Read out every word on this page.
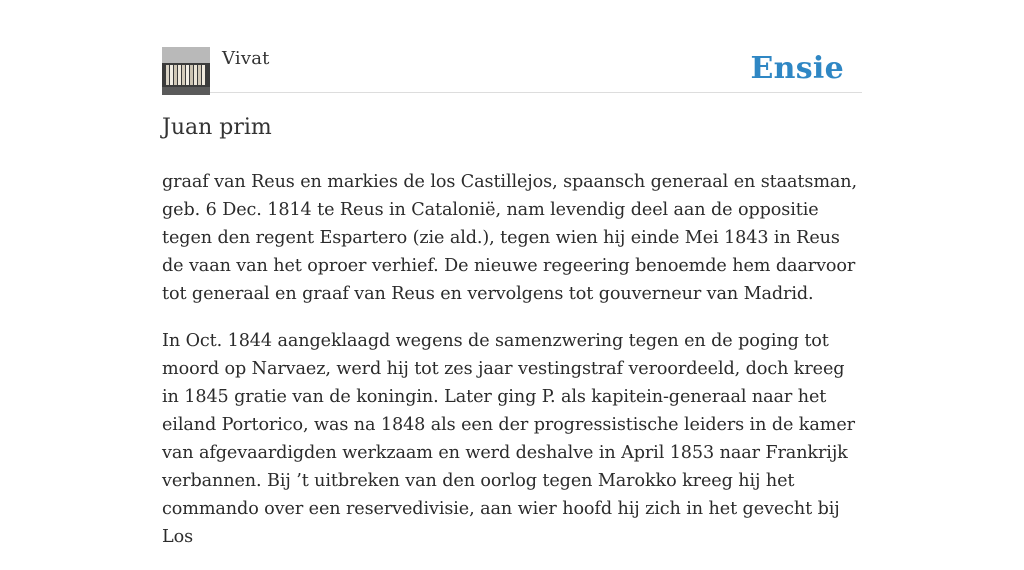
Vivat	Ensie
Juan prim

graaf van Reus en markies de los Castillejos, spaansch generaal en staatsman, geb. 6 Dec. 1814 te Reus in Catalonië, nam levendig deel aan de oppositie tegen den regent Espartero (zie ald.), tegen wien hij einde Mei 1843 in Reus de vaan van het oproer verhief. De nieuwe regeering benoemde hem daarvoor tot generaal en graaf van Reus en vervolgens tot gouverneur van Madrid.

In Oct. 1844 aangeklaagd wegens de samenzwering tegen en de poging tot moord op Narvaez, werd hij tot zes jaar vestingstraf veroordeeld, doch kreeg in 1845 gratie van de koningin. Later ging P. als kapitein-generaal naar het eiland Portorico, was na 1848 als een der progressistische leiders in de kamer van afgevaardigden werkzaam en werd deshalve in April 1853 naar Frankrijk verbannen. Bij ’t uitbreken van den oorlog tegen Marokko kreeg hij het commando over een reservedivisie, aan wier hoofd hij zich in het gevecht bij Los
